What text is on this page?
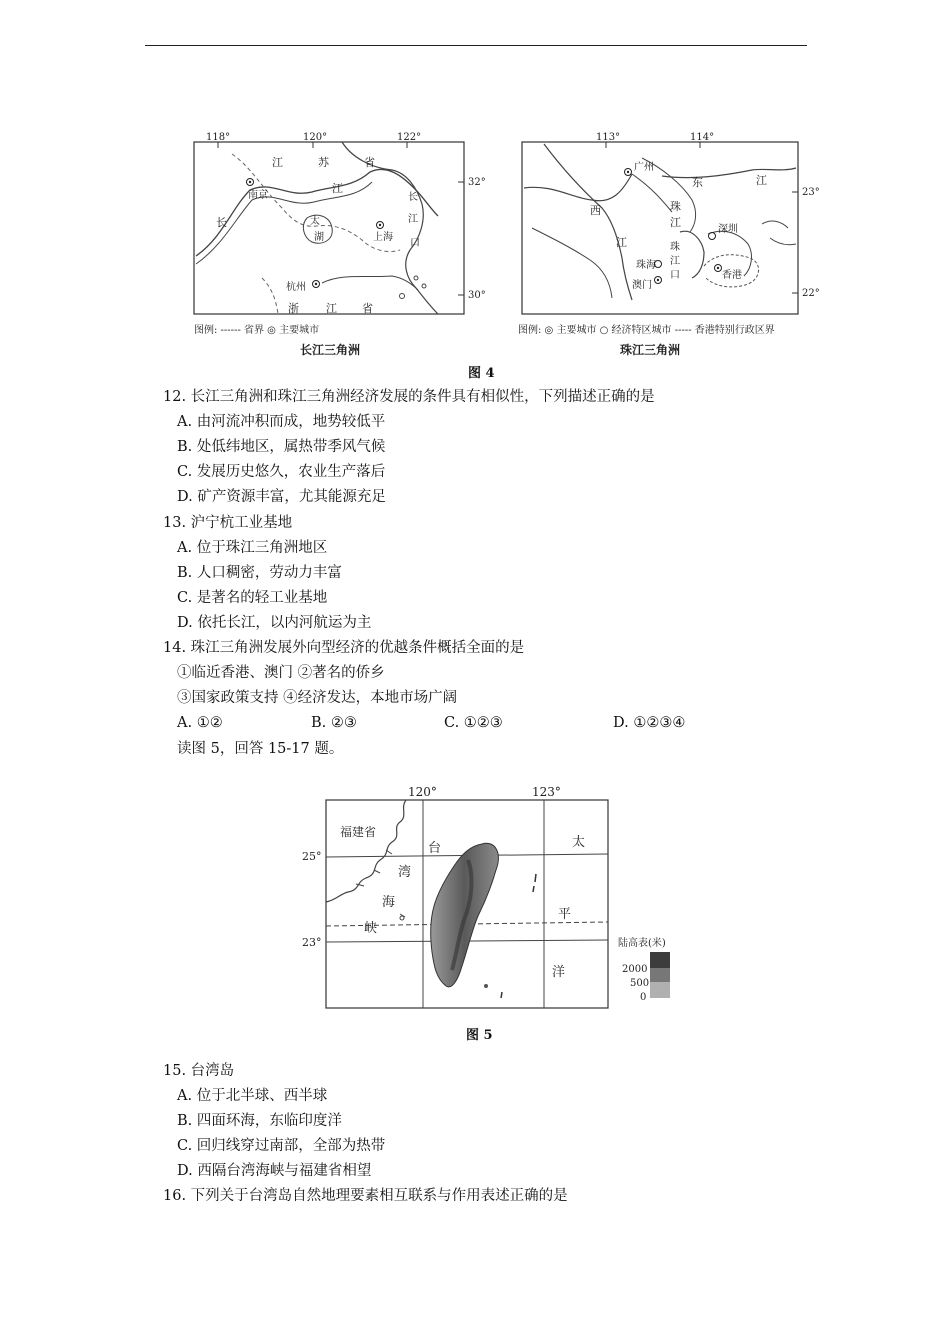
118°	120°	122°
32°
30°
江	苏	省
南京
长
江
太
湖	上海
长
江
口
杭州
浙 江 省
图例: ------ 省界 ◎ 主要城市
长江三角洲
113°	114°
23°
22°
广州
东	江
西	珠
江
深圳
珠
江
口
珠海
江
澳门
香港
图例: ◎ 主要城市 ○ 经济特区城市 ----- 香港特别行政区界
珠江三角洲
图 4
12. 长江三角洲和珠江三角洲经济发展的条件具有相似性，下列描述正确的是
A. 由河流冲积而成，地势较低平
B. 处低纬地区，属热带季风气候
C. 发展历史悠久，农业生产落后
D. 矿产资源丰富，尤其能源充足
13. 沪宁杭工业基地
A. 位于珠江三角洲地区
B. 人口稠密，劳动力丰富
C. 是著名的轻工业基地
D. 依托长江，以内河航运为主
14. 珠江三角洲发展外向型经济的优越条件概括全面的是
①临近香港、澳门 ②著名的侨乡
③国家政策支持 ④经济发达，本地市场广阔
A. ①②	B. ②③	C. ①②③	D. ①②③④
读图 5，回答 15-17 题。
120°	123°
25°
23°
福建省
台
湾
海
峡
太
平
洋
陆高表(米)
2000
500
0
图 5
15. 台湾岛
A. 位于北半球、西半球
B. 四面环海，东临印度洋
C. 回归线穿过南部，全部为热带
D. 西隔台湾海峡与福建省相望
16. 下列关于台湾岛自然地理要素相互联系与作用表述正确的是
